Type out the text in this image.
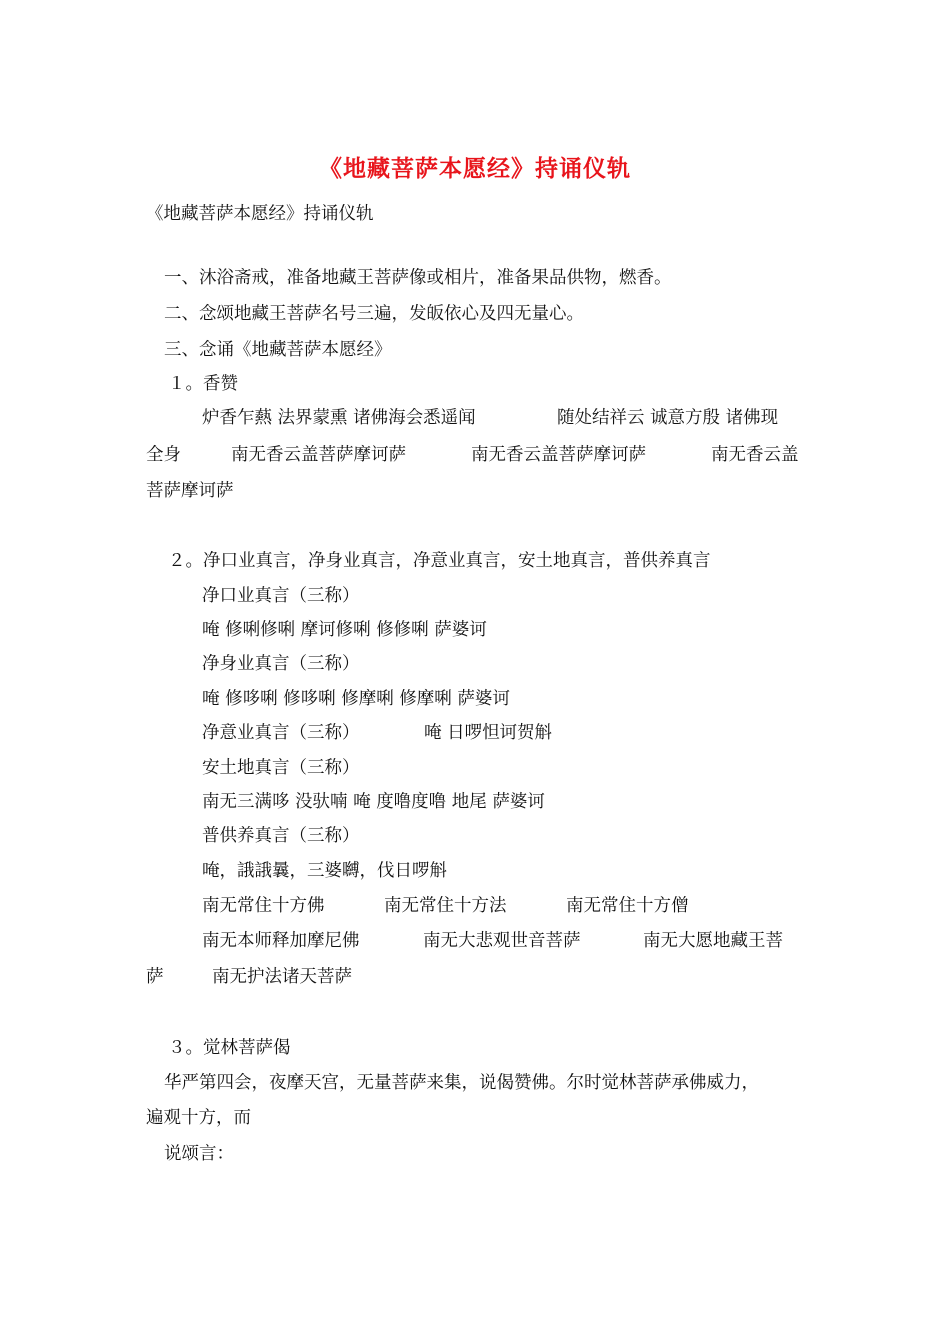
《地藏菩萨本愿经》持诵仪轨
《地藏菩萨本愿经》持诵仪轨
一、沐浴斋戒，准备地藏王菩萨像或相片，准备果品供物，燃香。
二、念颂地藏王菩萨名号三遍，发皈依心及四无量心。
三、念诵《地藏菩萨本愿经》
１。香赞
炉香乍爇 法界蒙熏 诸佛海会悉遥闻	随处结祥云 诚意方殷 诸佛现
全身	南无香云盖菩萨摩诃萨	南无香云盖菩萨摩诃萨	南无香云盖
菩萨摩诃萨
２。净口业真言，净身业真言，净意业真言，安土地真言，普供养真言
净口业真言（三称）
唵 修唎修唎 摩诃修唎 修修唎 萨婆诃
净身业真言（三称）
唵 修哆唎 修哆唎 修摩唎 修摩唎 萨婆诃
净意业真言（三称）	唵 日啰怛诃贺斛
安土地真言（三称）
南无三满哆 没驮喃 唵 度噜度噜 地尾 萨婆诃
普供养真言（三称）
唵，誐誐曩，三婆嚩，伐日啰斛
南无常住十方佛	南无常住十方法	南无常住十方僧
南无本师释加摩尼佛	南无大悲观世音菩萨	南无大愿地藏王菩
萨	南无护法诸天菩萨
３。觉林菩萨偈
华严第四会，夜摩天宫，无量菩萨来集，说偈赞佛。尔时觉林菩萨承佛威力，
遍观十方，而
说颂言：
